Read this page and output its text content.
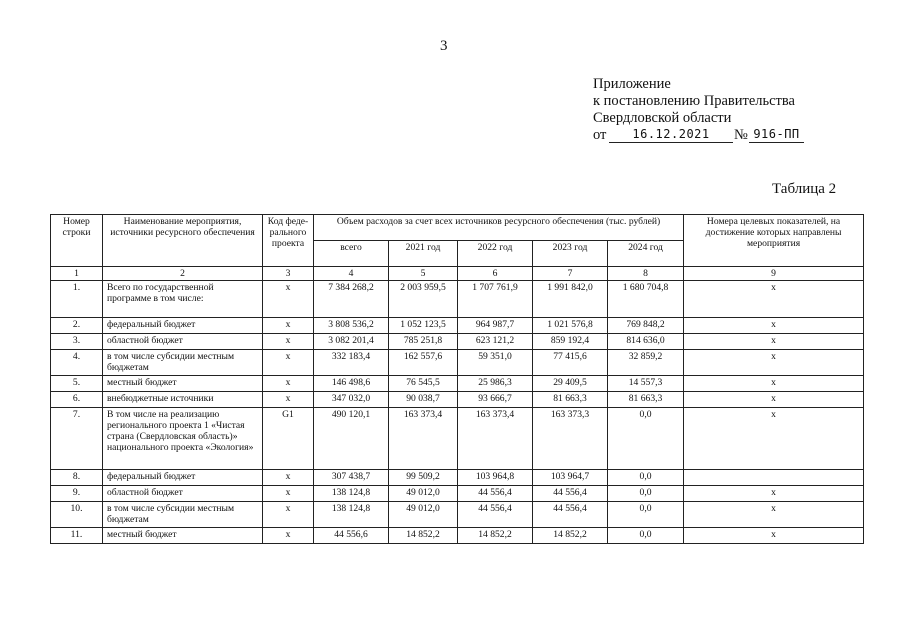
3
Приложение
к постановлению Правительства
Свердловской области
от	16.12.2021	№ 916-ПП
Таблица 2
Номер строки	Наименование мероприятия, источники ресурсного обеспечения	Код феде-рального проекта	Объем расходов за счет всех источников ресурсного обеспечения (тыс. рублей)					Номера целевых показателей, на достижение которых направлены мероприятия
			всего	2021 год	2022 год	2023 год	2024 год	
1	2	3	4	5	6	7	8	9
1.	Всего по государственной программе в том числе:	x	7 384 268,2	2 003 959,5	1 707 761,9	1 991 842,0	1 680 704,8	x
2.	федеральный бюджет	x	3 808 536,2	1 052 123,5	964 987,7	1 021 576,8	769 848,2	x
3.	областной бюджет	x	3 082 201,4	785 251,8	623 121,2	859 192,4	814 636,0	x
4.	в том числе субсидии местным бюджетам	x	332 183,4	162 557,6	59 351,0	77 415,6	32 859,2	x
5.	местный бюджет	x	146 498,6	76 545,5	25 986,3	29 409,5	14 557,3	x
6.	внебюджетные источники	x	347 032,0	90 038,7	93 666,7	81 663,3	81 663,3	x
7.	В том числе на реализацию регионального проекта 1 «Чистая страна (Свердловская область)» национального проекта «Экология»	G1	490 120,1	163 373,4	163 373,4	163 373,3	0,0	x
8.	федеральный бюджет	x	307 438,7	99 509,2	103 964,8	103 964,7	0,0	
9.	областной бюджет	x	138 124,8	49 012,0	44 556,4	44 556,4	0,0	x
10.	в том числе субсидии местным бюджетам	x	138 124,8	49 012,0	44 556,4	44 556,4	0,0	x
11.	местный бюджет	x	44 556,6	14 852,2	14 852,2	14 852,2	0,0	x
